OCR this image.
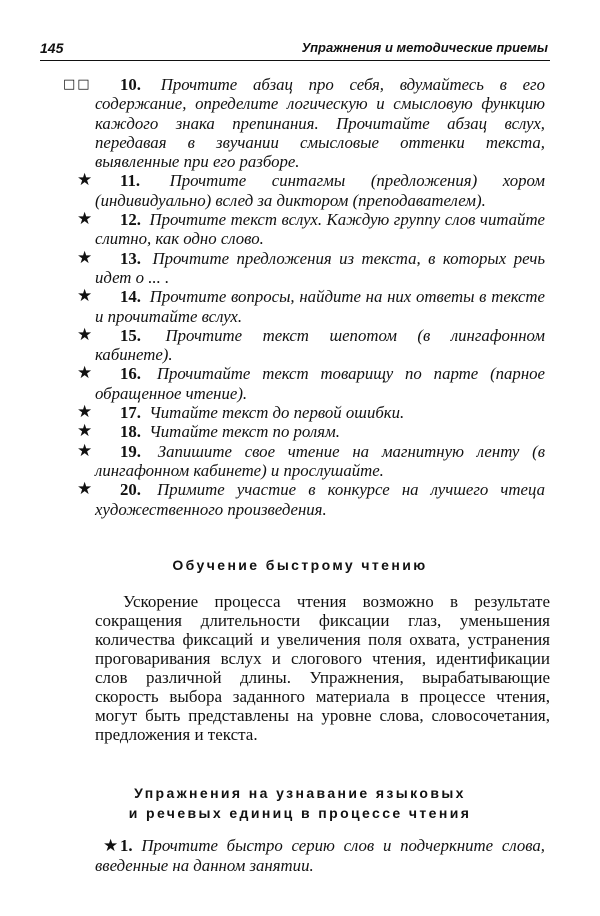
145	Упражнения и методические приемы
□□ 10. Прочтите абзац про себя, вдумайтесь в его содержание, определите логическую и смысловую функцию каждого знака препинания. Прочитайте абзац вслух, передавая в звучании смысловые оттенки текста, выявленные при его разборе.
★ 11. Прочтите синтагмы (предложения) хором (индивидуально) вслед за диктором (преподавателем).
★ 12. Прочтите текст вслух. Каждую группу слов читайте слитно, как одно слово.
★ 13. Прочтите предложения из текста, в которых речь идет о ... .
★ 14. Прочтите вопросы, найдите на них ответы в тексте и прочитайте вслух.
★ 15. Прочтите текст шепотом (в лингафонном кабинете).
★ 16. Прочитайте текст товарищу по парте (парное обращенное чтение).
★ 17. Читайте текст до первой ошибки.
★ 18. Читайте текст по ролям.
★ 19. Запишите свое чтение на магнитную ленту (в лингафонном кабинете) и прослушайте.
★ 20. Примите участие в конкурсе на лучшего чтеца художественного произведения.
Обучение быстрому чтению
Ускорение процесса чтения возможно в результате сокращения длительности фиксации глаз, уменьшения количества фиксаций и увеличения поля охвата, устранения проговаривания вслух и слогового чтения, идентификации слов различной длины. Упражнения, вырабатывающие скорость выбора заданного материала в процессе чтения, могут быть представлены на уровне слова, словосочетания, предложения и текста.
Упражнения на узнавание языковых
и речевых единиц в процессе чтения
★ 1. Прочтите быстро серию слов и подчеркните слова, введенные на данном занятии.
